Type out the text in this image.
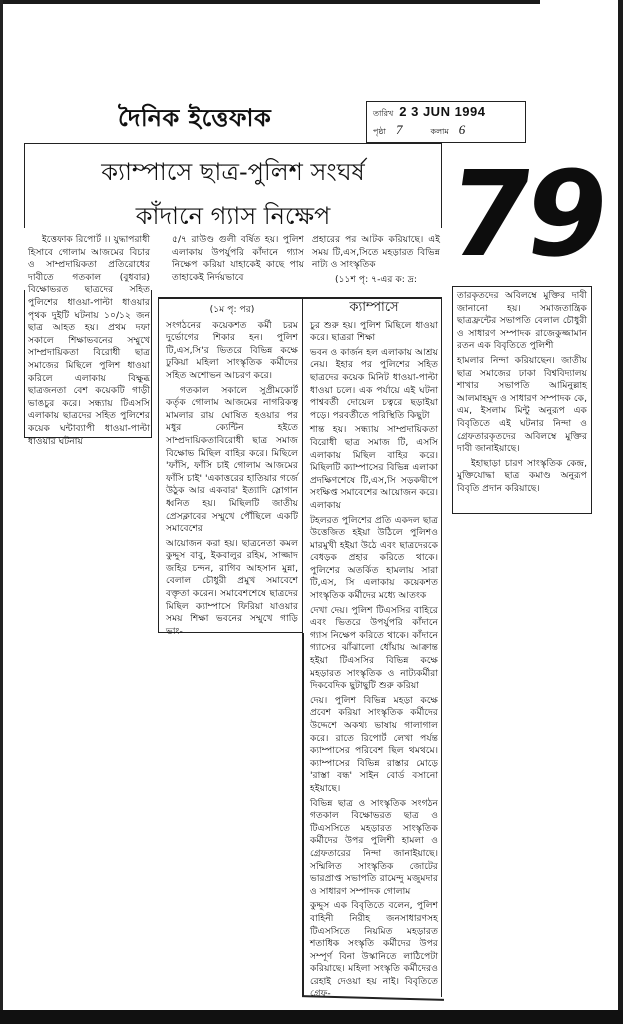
দৈনিক ইত্তেফাক	তারিখ 2 3 JUN 1994
পৃষ্ঠা 7	কলাম 6
ক্যাম্পাসে ছাত্র-পুলিশ সংঘর্ষ
কাঁদানে গ্যাস নিক্ষেপ 79

ইত্তেফাক রিপোর্ট ।। যুদ্ধাপরাধী হিসাবে গোলাম আজমের বিচার ও সাম্প্রদায়িকতা প্রতিরোধের দাবীতে গতকাল (বুধবার) বিক্ষোভরত ছাত্রদের সহিত পুলিশের ধাওয়া-পাল্টা ধাওয়ার পৃথক দুইটি ঘটনায় ১০/১২ জন ছাত্র আহত হয়। প্রথম দফা সকালে শিক্ষাভবনের সম্মুখে সাম্প্রদায়িকতা বিরোধী ছাত্র সমাজের মিছিলে পুলিশ ধাওয়া করিলে এলাকায় বিক্ষুব্ধ ছাত্রজনতা বেশ কয়েকটি গাড়ী ভাঙচুর করে। সন্ধ্যায় টিএসসি এলাকায় ছাত্রদের সহিত পুলিশের কয়েক ঘন্টাব্যাপী ধাওয়া-পাল্টা ধাওয়ার ঘটনায়

৫/৭ রাউণ্ড গুলী বর্ষিত হয়। পুলিশ এলাকায় উপর্যুপরি কাঁদানে গ্যাস নিক্ষেপ করিয়া যাহাকেই কাছে পায় তাহাকেই নির্দয়ভাবে

প্রহারের পর আটক করিয়াছে। এই সময় টি,এস,সিতে মহড়ারত বিভিন্ন নাট্য ও সাংস্কৃতিক

(১১শ পৃ: ৭-এর ক: দ্র:

(১ম পৃ: পর)

সংগঠনের কয়েকশত কর্মী চরম দুর্ভোগের শিকার হন। পুলিশ টি,এস,সি'র ভিতরে বিভিন্ন কক্ষে ঢুকিয়া মহিলা সাংস্কৃতিক কর্মীদের সহিত অশোভন আচরণ করে।

গতকাল সকালে সুপ্রীমকোর্ট কর্তৃক গোলাম আজমের নাগরিকত্ব মামলার রায় ঘোষিত হওয়ার পর মধুর ক্যেন্টিন হইতে সাম্প্রদায়িকতাবিরোধী ছাত্র সমাজ বিক্ষোভ মিছিল বাহির করে। মিছিলে 'ফাঁসি, ফাঁসি চাই গোলাম আজমের ফাঁসি চাই' 'একাত্তরের হাতিয়ার গর্জে উঠুক আর একবার' ইত্যাদি স্লোগান ধ্বনিত হয়। মিছিলটি জাতীয় প্রেসক্লাবের সম্মুখে পৌঁছিলে একটি সমাবেশের

আয়োজন করা হয়। ছাত্রনেতা কমল কুদ্দুস বাবু, ইকবালুর রহিম, সাজ্জাদ জহির চন্দন, রাগিব আহসান মুন্না, বেলাল চৌধুরী প্রমুখ সমাবেশে বক্তৃতা করেন। সমাবেশশেষে ছাত্রদের মিছিল ক্যাম্পাসে ফিরিয়া যাওয়ার সময় শিক্ষা ভবনের সম্মুখে গাড়ি ভাং-

ক্যাম্পাসে

চুর শুরু হয়। পুলিশ মিছিলে ধাওয়া করে। ছাত্ররা শিক্ষা

ভবন ও কার্জন হল এলাকায় আশ্রয় নেয়। ইহার পর পুলিশের সহিত ছাত্রদের কয়েক মিনিট ধাওয়া-পাল্টা ধাওয়া চলে। এক পর্যায়ে এই ঘটনা পাশ্ববর্তী দোয়েল চত্বরে ছড়াইয়া পড়ে। পরবর্তীতে পরিস্থিতি কিছুটা

শান্ত হয়। সন্ধ্যায় সাম্প্রদায়িকতা বিরোধী ছাত্র সমাজ টি, এসসি এলাকায় মিছিল বাহির করে। মিছিলটি ক্যাম্পাসের বিভিন্ন এলাকা প্রদক্ষিণশেষে টি,এস,সি সড়কদ্বীপে সংক্ষিপ্ত সমাবেশের আয়োজন করে। এলাকায়

টহলরত পুলিশের প্রতি একদল ছাত্র উত্তেজিত হইয়া উঠিলে পুলিশও মারমুখী হইয়া উঠে এবং ছাত্রদেরকে বেধড়ক প্রহার করিতে থাকে। পুলিশের অতর্কিত হামলায় সারা টি,এস, সি এলাকায় কয়েকশত সাংস্কৃতিক কর্মীদের মধ্যে আতংক

দেখা দেয়। পুলিশ টিএসসির বাহিরে এবং ভিতরে উপর্যুপরি কাঁদানে গ্যাস নিক্ষেপ করিতে থাকে। কাঁদানে গ্যাসের ঝাঁঝালো ধোঁয়ায় আক্রান্ত হইয়া টিএসসির বিভিন্ন কক্ষে মহড়ারত সাংস্কৃতিক ও নাট্যকর্মীরা দিকবেদিক ছুটাছুটি শুরু করিয়া

দেয়। পুলিশ বিভিন্ন মহড়া কক্ষে প্রবেশ করিয়া সাংস্কৃতিক কর্মীদের উদ্দেশে অকথ্য ভাষায় গালাগাল করে। রাতে রিপোর্ট লেখা পর্যন্ত ক্যাম্পাসের পরিবেশ ছিল থমথমে। ক্যাম্পাসের বিভিন্ন রাস্তার মোড়ে 'রাস্তা বন্ধ' সাইন বোর্ড বসানো হইয়াছে।

বিভিন্ন ছাত্র ও সাংস্কৃতিক সংগঠন গতকাল বিক্ষোভরত ছাত্র ও টিএসসিতে মহড়ারত সাংস্কৃতিক কর্মীদের উপর পুলিশী হামলা ও গ্রেফতারের নিন্দা জানাইয়াছে। সম্মিলিত সাংস্কৃতিক জোটের ভারপ্রাপ্ত সভাপতি রামেন্দু মজুমদার ও সাধারণ সম্পাদক গোলাম

কুদ্দুস এক বিবৃতিতে বলেন, পুলিশ বাহিনী নিরীহ জনসাধারণসহ টিএসসিতে নিয়মিত মহড়ারত শতাধিক সংস্কৃতি কর্মীদের উপর সম্পূর্ণ বিনা উস্কানিতে লাঠিপেটা করিয়াছে। মহিলা সংস্কৃতি কর্মীদেরও রেহাই দেওয়া হয় নাই। বিবৃতিতে গ্রেফ-

তারকৃতদের অবিলম্বে মুক্তির দাবী জানানো হয়। সমাজতান্ত্রিক ছাত্রফ্রন্টের সভাপতি বেলাল চৌধুরী ও সাধারণ সম্পাদক রাজেকুজ্জামান রতন এক বিবৃতিতে পুলিশী

হামলার নিন্দা করিয়াছেন। জাতীয় ছাত্র সমাজের ঢাকা বিশ্ববিদ্যালয় শাখার সভাপতি আমিনুল্লাহ আলমাহমুদ ও সাধারণ সম্পাদক কে, এম, ইসলাম মিন্টু অনুরূপ এক বিবৃতিতে এই ঘটনার নিন্দা ও গ্রেফতারকৃতদের অবিলম্বে মুক্তির দাবী জানাইয়াছে।

ইহাছাড়া চারণ সাংস্কৃতিক কেন্দ্র, মুক্তিযোদ্ধা ছাত্র কমাণ্ড অনুরূপ বিবৃতি প্রদান করিয়াছে।
